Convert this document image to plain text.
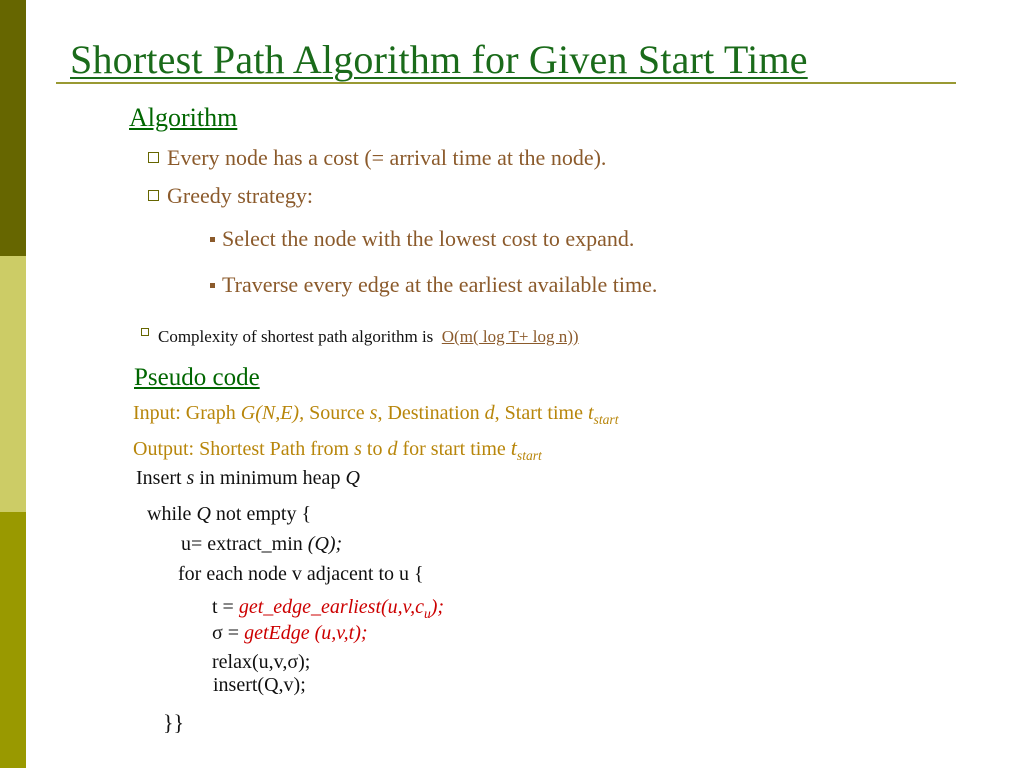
Shortest Path Algorithm for Given Start Time
Algorithm
Every node has a cost (= arrival time at the node).
Greedy strategy:
Select the node with the lowest cost to expand.
Traverse every edge at the earliest available time.
Complexity of shortest path algorithm is O(m( log T+ log n))
Pseudo code
Input: Graph G(N,E), Source s, Destination d, Start time $t_{start}$
Output: Shortest Path from s to d for start time $t_{start}$
Insert s in minimum heap Q
while Q not empty {
u= extract_min (Q);
for each node v adjacent to u {
$t = get\_edge\_earliest(u,v,c_u)$;
σ = getEdge (u,v,t);
relax(u,v,σ);
insert(Q,v);
}}
